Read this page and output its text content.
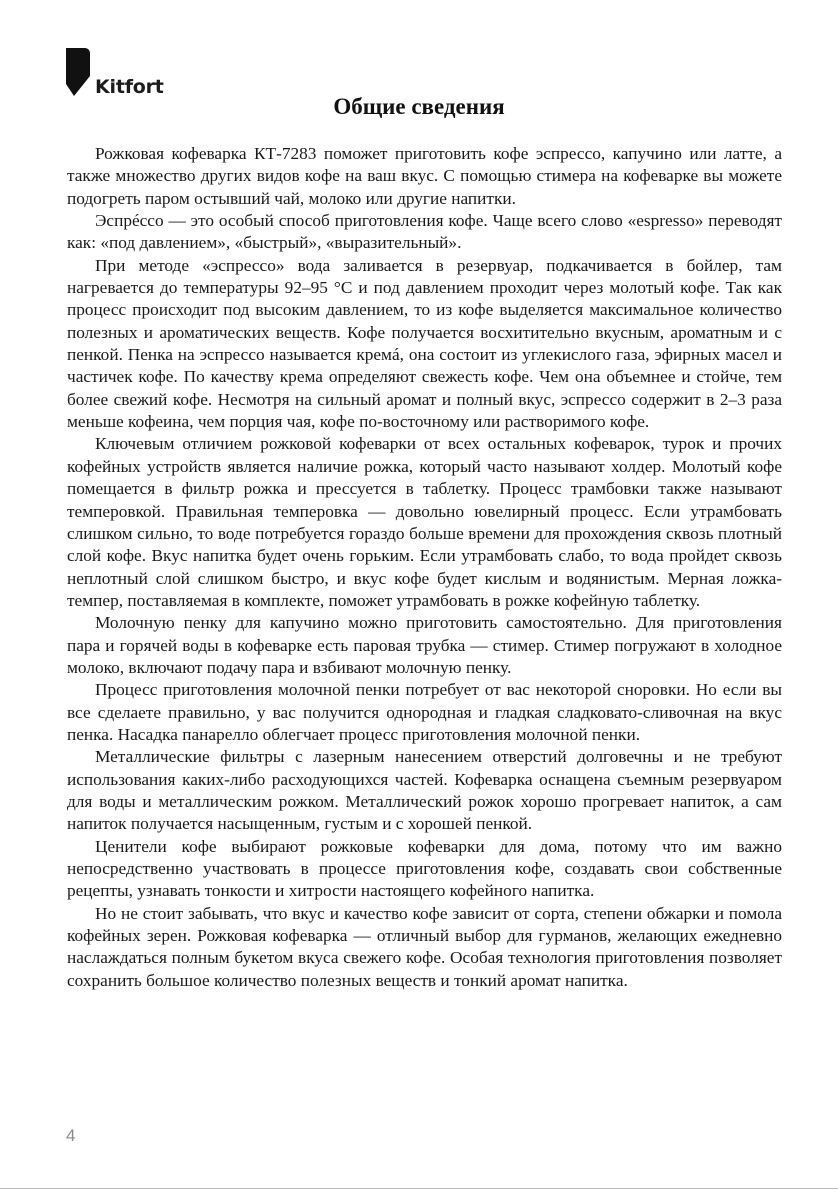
Kitfort
Общие сведения

Рожковая кофеварка КТ-7283 поможет приготовить кофе эспрессо, капучино или латте, а также множество других видов кофе на ваш вкус. С помощью стимера на кофеварке вы можете подогреть паром остывший чай, молоко или другие напитки.

Эспрéссо — это особый способ приготовления кофе. Чаще всего слово «espresso» переводят как: «под давлением», «быстрый», «выразительный».

При методе «эспрессо» вода заливается в резервуар, подкачивается в бойлер, там нагревается до температуры 92–95 °C и под давлением проходит через молотый кофе. Так как процесс происходит под высоким давлением, то из кофе выделяется максимальное количество полезных и ароматических веществ. Кофе получается восхитительно вкусным, ароматным и с пенкой. Пенка на эспрессо называется кремá, она состоит из углекислого газа, эфирных масел и частичек кофе. По качеству крема определяют свежесть кофе. Чем она объемнее и стойче, тем более свежий кофе. Несмотря на сильный аромат и полный вкус, эспрессо содержит в 2–3 раза меньше кофеина, чем порция чая, кофе по-восточному или растворимого кофе.

Ключевым отличием рожковой кофеварки от всех остальных кофеварок, турок и прочих кофейных устройств является наличие рожка, который часто называют холдер. Молотый кофе помещается в фильтр рожка и прессуется в таблетку. Процесс трамбовки также называют темперовкой. Правильная темперовка — довольно ювелирный процесс. Если утрамбовать слишком сильно, то воде потребуется гораздо больше времени для прохождения сквозь плотный слой кофе. Вкус напитка будет очень горьким. Если утрамбовать слабо, то вода пройдет сквозь неплотный слой слишком быстро, и вкус кофе будет кислым и водянистым. Мерная ложка-темпер, поставляемая в комплекте, поможет утрамбовать в рожке кофейную таблетку.

Молочную пенку для капучино можно приготовить самостоятельно. Для приготовления пара и горячей воды в кофеварке есть паровая трубка — стимер. Стимер погружают в холодное молоко, включают подачу пара и взбивают молочную пенку.

Процесс приготовления молочной пенки потребует от вас некоторой сноровки. Но если вы все сделаете правильно, у вас получится однородная и гладкая сладковато-сливочная на вкус пенка. Насадка панарелло облегчает процесс приготовления молочной пенки.

Металлические фильтры с лазерным нанесением отверстий долговечны и не требуют использования каких-либо расходующихся частей. Кофеварка оснащена съемным резервуаром для воды и металлическим рожком. Металлический рожок хорошо прогревает напиток, а сам напиток получается насыщенным, густым и с хорошей пенкой.

Ценители кофе выбирают рожковые кофеварки для дома, потому что им важно непосредственно участвовать в процессе приготовления кофе, создавать свои собственные рецепты, узнавать тонкости и хитрости настоящего кофейного напитка.

Но не стоит забывать, что вкус и качество кофе зависит от сорта, степени обжарки и помола кофейных зерен. Рожковая кофеварка — отличный выбор для гурманов, желающих ежедневно наслаждаться полным букетом вкуса свежего кофе. Особая технология приготовления позволяет сохранить большое количество полезных веществ и тонкий аромат напитка.

4
